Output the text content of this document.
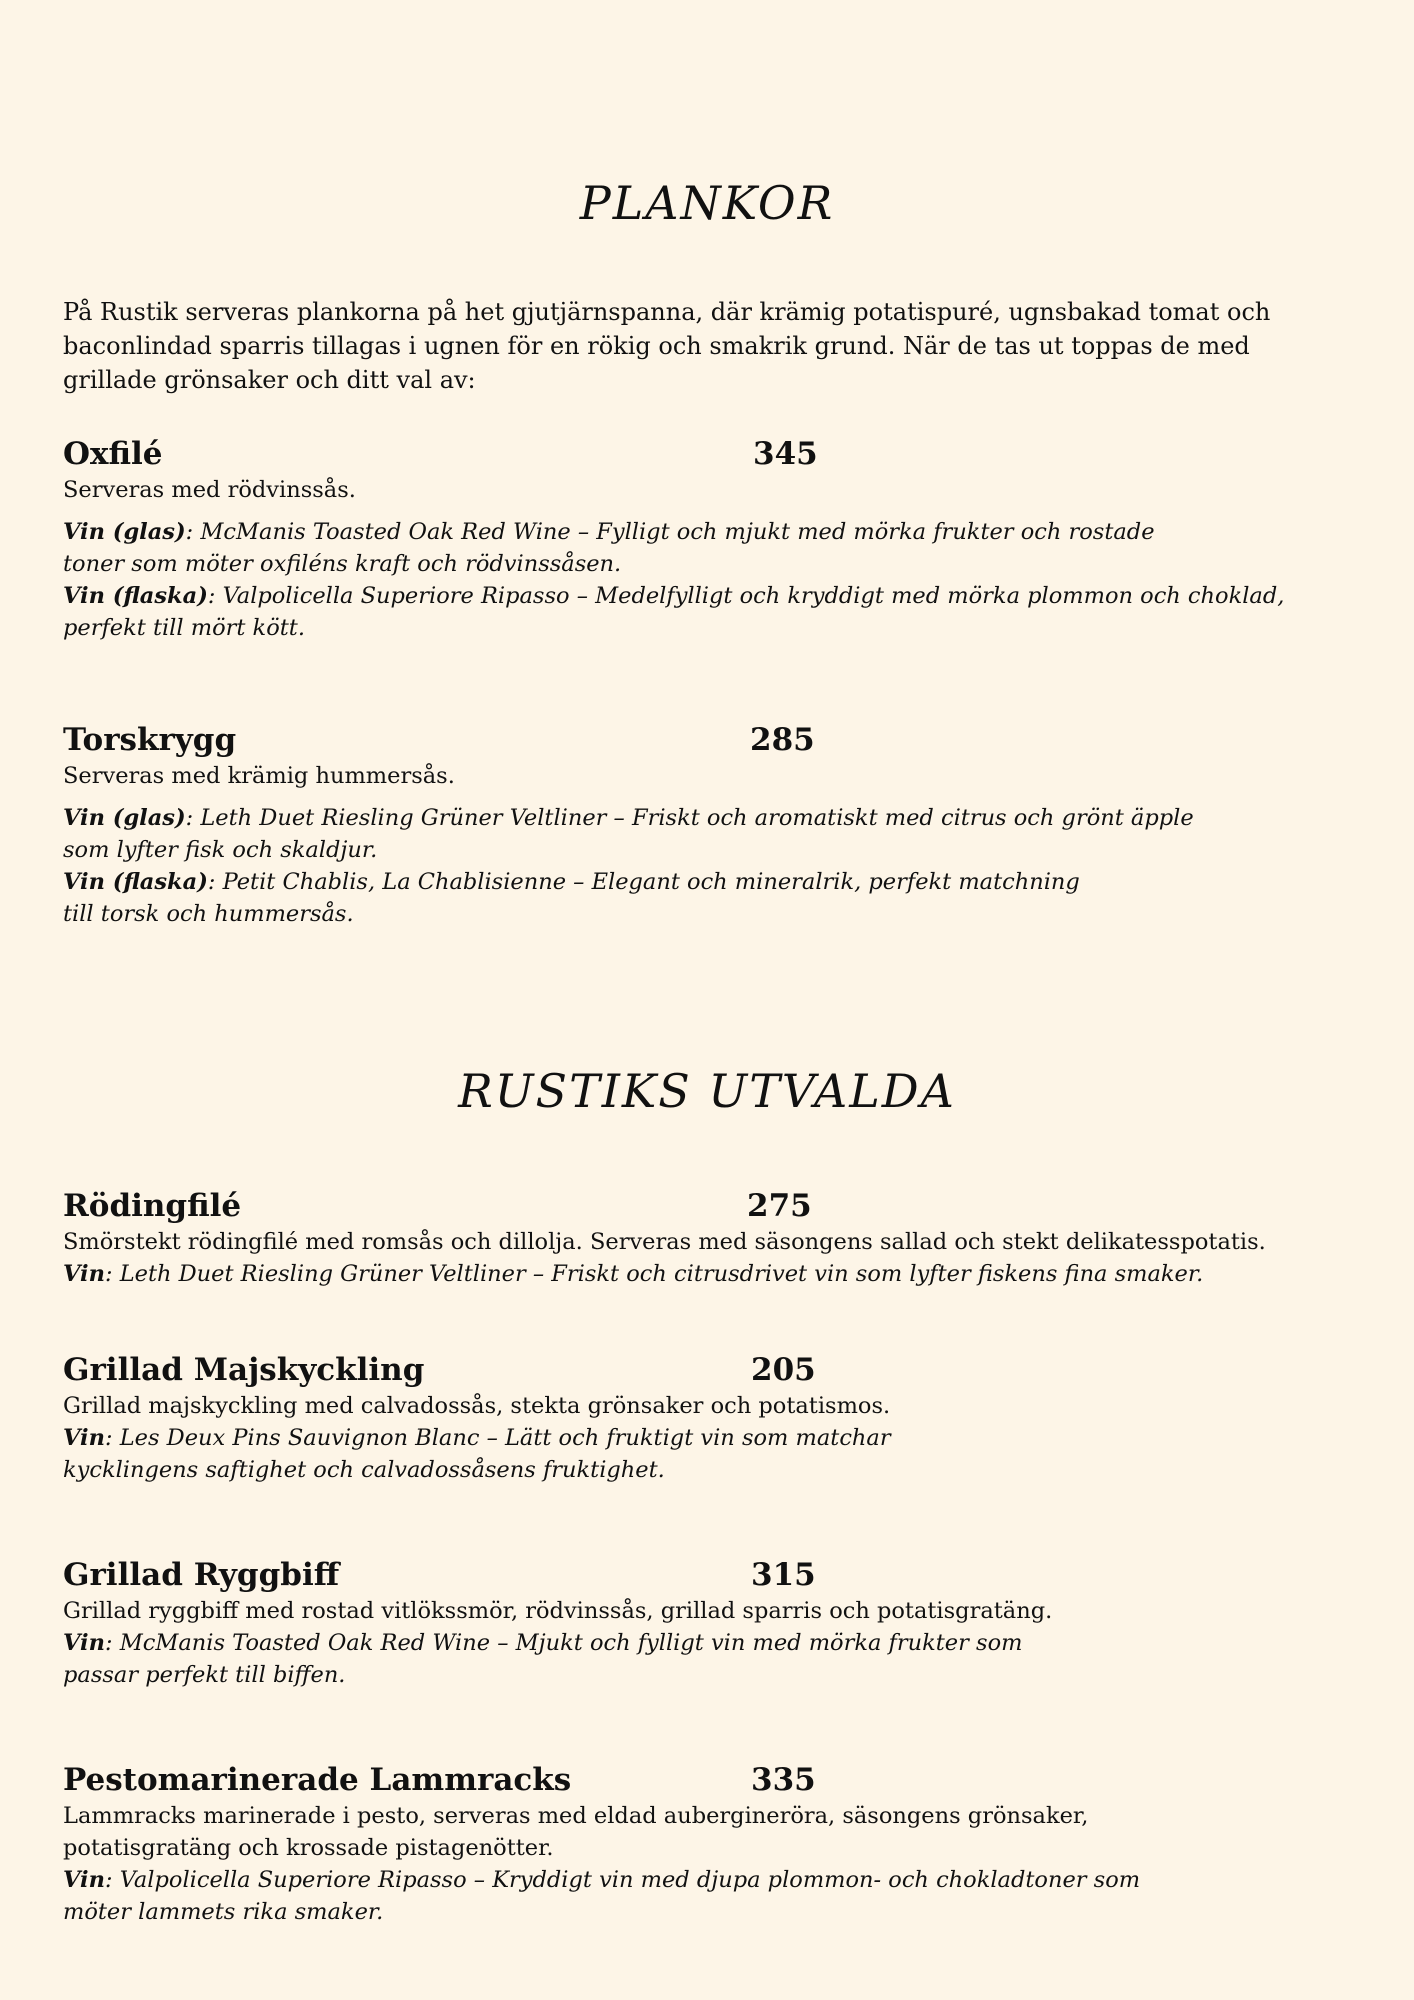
PLANKOR

På Rustik serveras plankorna på het gjutjärnspanna, där krämig potatispuré, ugnsbakad tomat och baconlindad sparris tillagas i ugnen för en rökig och smakrik grund. När de tas ut toppas de med grillade grönsaker och ditt val av:

Oxfilé	345

Serveras med rödvinssås.

Vin (glas): McManis Toasted Oak Red Wine – Fylligt och mjukt med mörka frukter och rostade toner som möter oxfiléns kraft och rödvinssåsen.

Vin (flaska): Valpolicella Superiore Ripasso – Medelfylligt och kryddigt med mörka plommon och choklad, perfekt till mört kött.

Torskrygg	285

Serveras med krämig hummersås.

Vin (glas): Leth Duet Riesling Grüner Veltliner – Friskt och aromatiskt med citrus och grönt äpple som lyfter fisk och skaldjur.

Vin (flaska): Petit Chablis, La Chablisienne – Elegant och mineralrik, perfekt matchning till torsk och hummersås.

RUSTIKS UTVALDA
Rödingfilé	275

Smörstekt rödingfilé med romsås och dillolja. Serveras med säsongens sallad och stekt delikatesspotatis.

Vin: Leth Duet Riesling Grüner Veltliner – Friskt och citrusdrivet vin som lyfter fiskens fina smaker.

Grillad Majskyckling	205

Grillad majskyckling med calvadossås, stekta grönsaker och potatismos.

Vin: Les Deux Pins Sauvignon Blanc – Lätt och fruktigt vin som matchar kycklingens saftighet och calvadossåsens fruktighet.

Grillad Ryggbiff	315

Grillad ryggbiff med rostad vitlökssmör, rödvinssås, grillad sparris och potatisgratäng.

Vin: McManis Toasted Oak Red Wine – Mjukt och fylligt vin med mörka frukter som passar perfekt till biffen.

Pestomarinerade Lammracks	335

Lammracks marinerade i pesto, serveras med eldad aubergineröra, säsongens grönsaker, potatisgratäng och krossade pistagenötter.

Vin: Valpolicella Superiore Ripasso – Kryddigt vin med djupa plommon- och chokladtoner som möter lammets rika smaker.
